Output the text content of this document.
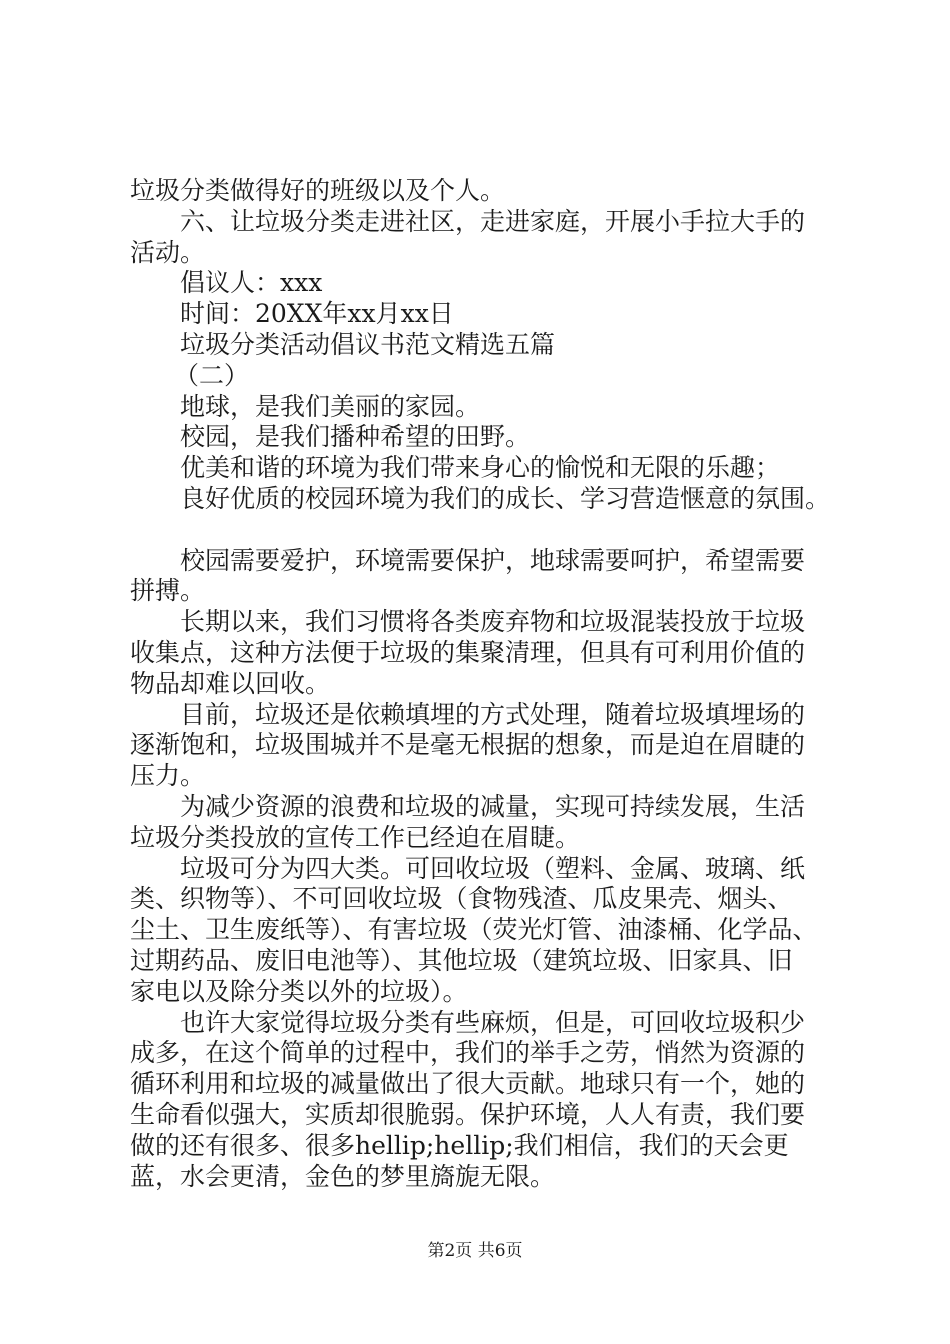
垃圾分类做得好的班级以及个人。
六、让垃圾分类走进社区，走进家庭，开展小手拉大手的
活动。
倡议人：xxx
时间：20XX年xx月xx日
垃圾分类活动倡议书范文精选五篇
（二）
地球，是我们美丽的家园。
校园，是我们播种希望的田野。
优美和谐的环境为我们带来身心的愉悦和无限的乐趣；
良好优质的校园环境为我们的成长、学习营造惬意的氛围。
校园需要爱护，环境需要保护，地球需要呵护，希望需要
拼搏。
长期以来，我们习惯将各类废弃物和垃圾混装投放于垃圾
收集点，这种方法便于垃圾的集聚清理，但具有可利用价值的
物品却难以回收。
目前，垃圾还是依赖填埋的方式处理，随着垃圾填埋场的
逐渐饱和，垃圾围城并不是毫无根据的想象，而是迫在眉睫的
压力。
为减少资源的浪费和垃圾的减量，实现可持续发展，生活
垃圾分类投放的宣传工作已经迫在眉睫。
垃圾可分为四大类。可回收垃圾（塑料、金属、玻璃、纸
类、织物等）、不可回收垃圾（食物残渣、瓜皮果壳、烟头、
尘土、卫生废纸等）、有害垃圾（荧光灯管、油漆桶、化学品、
过期药品、废旧电池等）、其他垃圾（建筑垃圾、旧家具、旧
家电以及除分类以外的垃圾）。
也许大家觉得垃圾分类有些麻烦，但是，可回收垃圾积少
成多，在这个简单的过程中，我们的举手之劳，悄然为资源的
循环利用和垃圾的减量做出了很大贡献。地球只有一个，她的
生命看似强大，实质却很脆弱。保护环境，人人有责，我们要
做的还有很多、很多hellip;hellip;我们相信，我们的天会更
蓝，水会更清，金色的梦里旖旎无限。
第2页 共6页
